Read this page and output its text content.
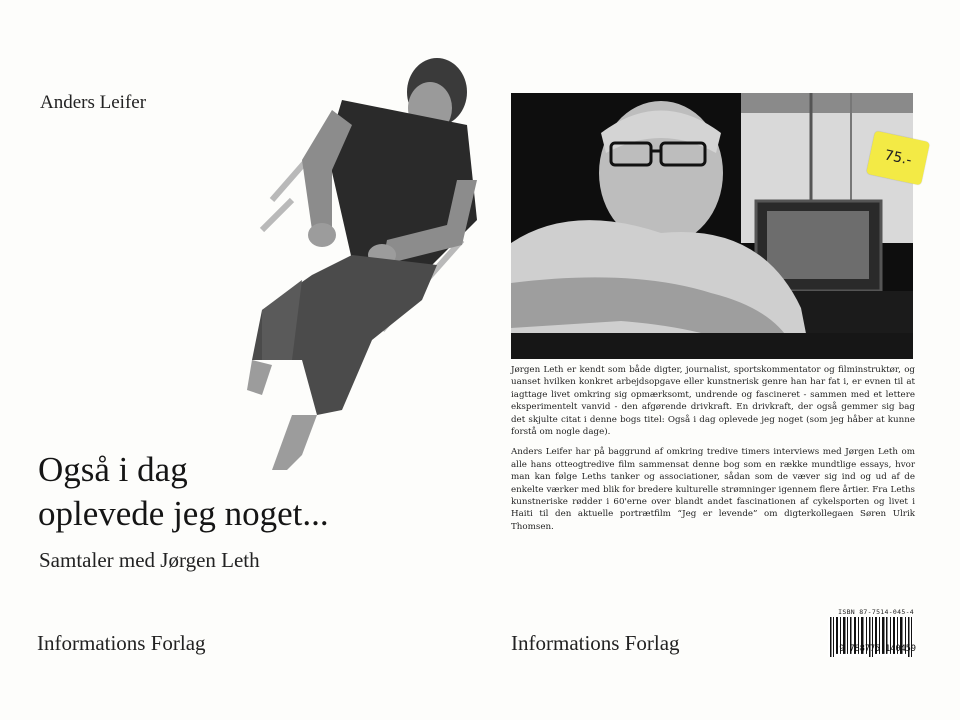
Anders Leifer
Også i dag
oplevede jeg noget...
Samtaler med Jørgen Leth
Informations Forlag

Jørgen Leth er kendt som både digter, journalist, sportskommentator og filminstruktør, og uanset hvilken konkret arbejdsopgave eller kunstnerisk genre han har fat i, er evnen til at iagttage livet omkring sig opmærksomt, undrende og fascineret - sammen med et lettere eksperimentelt vanvid - den afgørende drivkraft. En drivkraft, der også gemmer sig bag det skjulte citat i denne bogs titel: Også i dag oplevede jeg noget (som jeg håber at kunne forstå om nogle dage).

Anders Leifer har på baggrund af omkring tredive timers interviews med Jørgen Leth om alle hans otteogtredive film sammensat denne bog som en række mundtlige essays, hvor man kan følge Leths tanker og associationer, sådan som de væver sig ind og ud af de enkelte værker med blik for bredere kulturelle strømninger igennem flere årtier. Fra Leths kunstneriske rødder i 60'erne over blandt andet fascinationen af cykelsporten og livet i Haiti til den aktuelle portrætfilm “Jeg er levende” om digterkollegaen Søren Ulrik Thomsen.

ISBN 87-7514-045-4
9 788775 140459
Informations Forlag
75.-
